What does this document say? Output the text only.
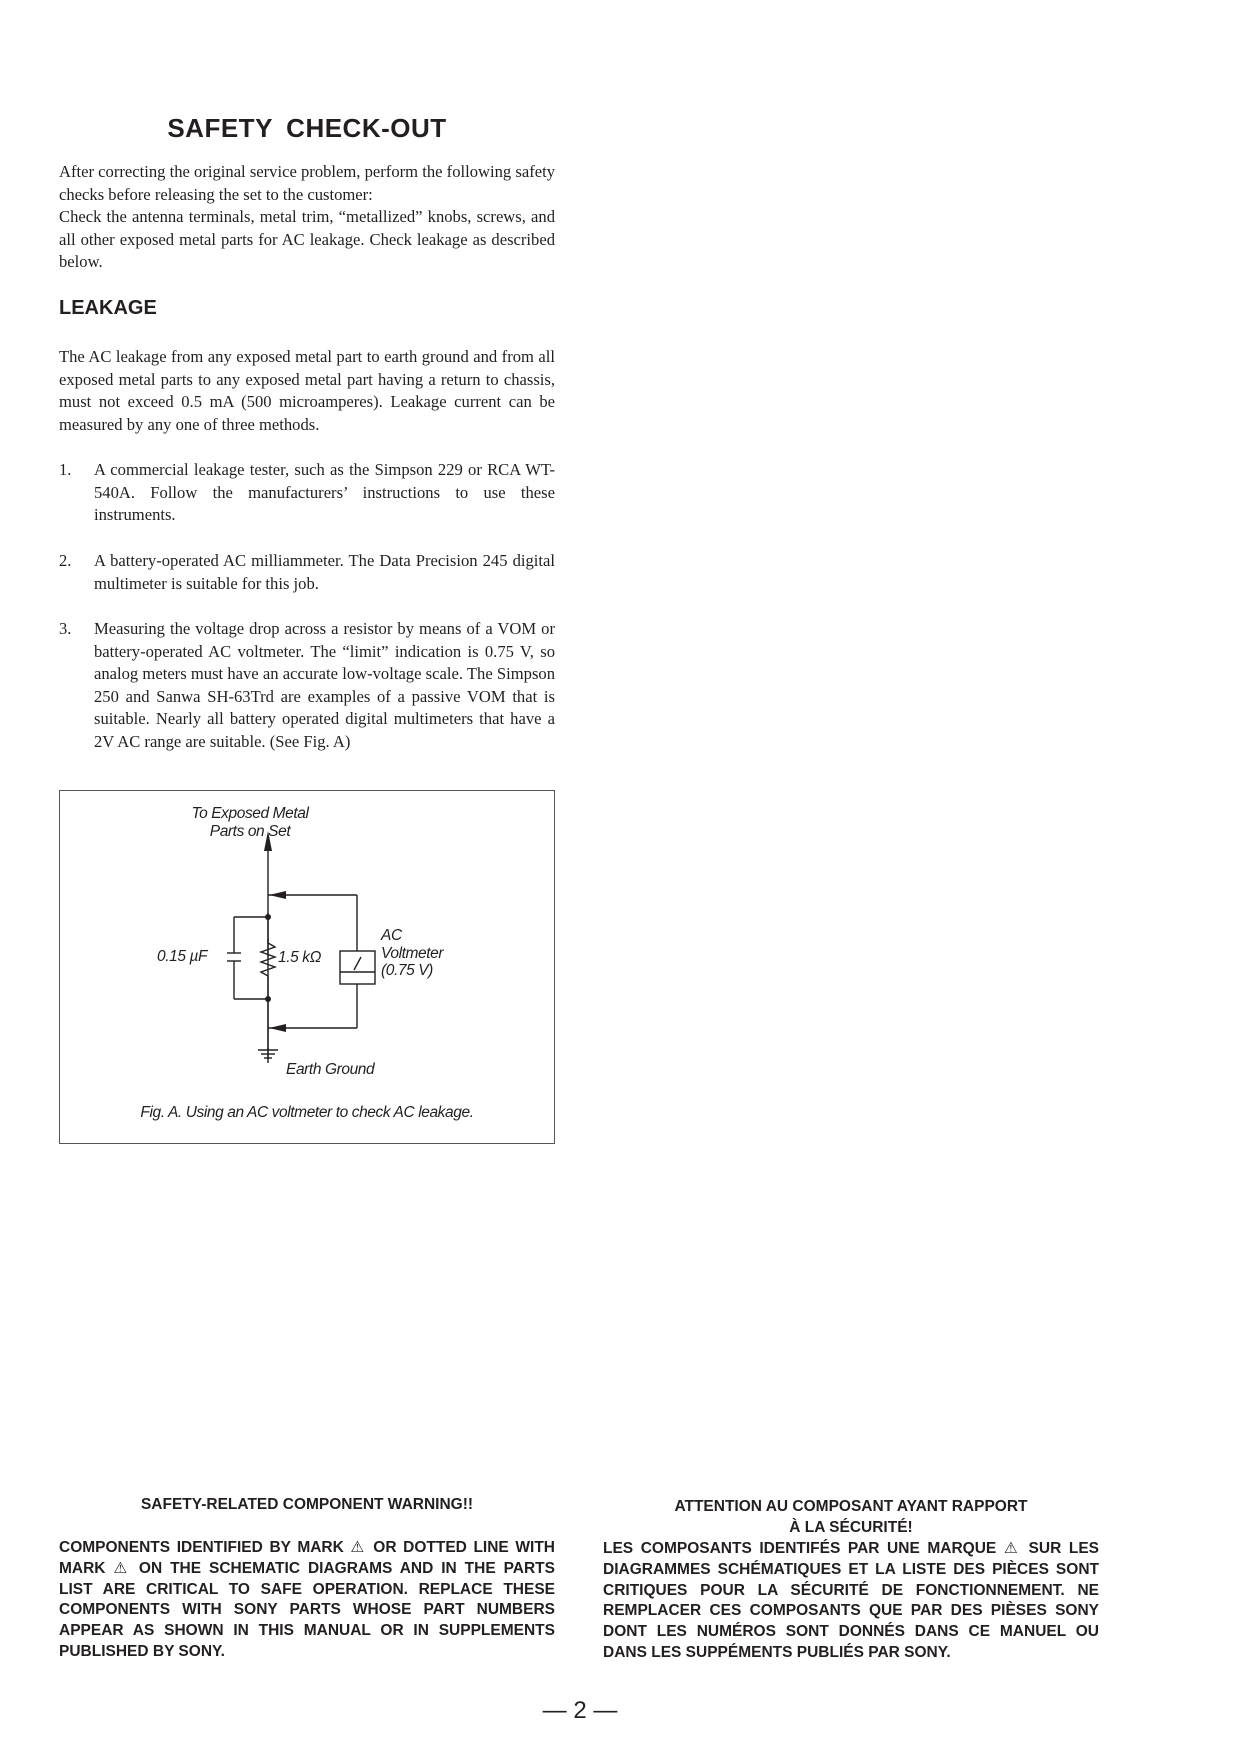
SAFETY CHECK-OUT
After correcting the original service problem, perform the following safety checks before releasing the set to the customer:
Check the antenna terminals, metal trim, “metallized” knobs, screws, and all other exposed metal parts for AC leakage. Check leakage as described below.
LEAKAGE
The AC leakage from any exposed metal part to earth ground and from all exposed metal parts to any exposed metal part having a return to chassis, must not exceed 0.5 mA (500 microamperes). Leakage current can be measured by any one of three methods.
1. A commercial leakage tester, such as the Simpson 229 or RCA WT-540A. Follow the manufacturers’ instructions to use these instruments.
2. A battery-operated AC milliammeter. The Data Precision 245 digital multimeter is suitable for this job.
3. Measuring the voltage drop across a resistor by means of a VOM or battery-operated AC voltmeter. The “limit” indication is 0.75 V, so analog meters must have an accurate low-voltage scale. The Simpson 250 and Sanwa SH-63Trd are examples of a passive VOM that is suitable. Nearly all battery operated digital multimeters that have a 2V AC range are suitable. (See Fig. A)
To Exposed Metal
Parts on Set
0.15 µF	1.5 kΩ
AC
Voltmeter
(0.75 V)
Earth Ground
Fig. A. Using an AC voltmeter to check AC leakage.
SAFETY-RELATED COMPONENT WARNING!!
COMPONENTS IDENTIFIED BY MARK ⚠ OR DOTTED LINE WITH MARK ⚠ ON THE SCHEMATIC DIAGRAMS AND IN THE PARTS LIST ARE CRITICAL TO SAFE OPERATION. REPLACE THESE COMPONENTS WITH SONY PARTS WHOSE PART NUMBERS APPEAR AS SHOWN IN THIS MANUAL OR IN SUPPLEMENTS PUBLISHED BY SONY.
ATTENTION AU COMPOSANT AYANT RAPPORT
À LA SÉCURITÉ!
LES COMPOSANTS IDENTIFÉS PAR UNE MARQUE ⚠ SUR LES DIAGRAMMES SCHÉMATIQUES ET LA LISTE DES PIÈCES SONT CRITIQUES POUR LA SÉCURITÉ DE FONCTIONNEMENT. NE REMPLACER CES COMPOSANTS QUE PAR DES PIÈSES SONY DONT LES NUMÉROS SONT DONNÉS DANS CE MANUEL OU DANS LES SUPPÉMENTS PUBLIÉS PAR SONY.
— 2 —
